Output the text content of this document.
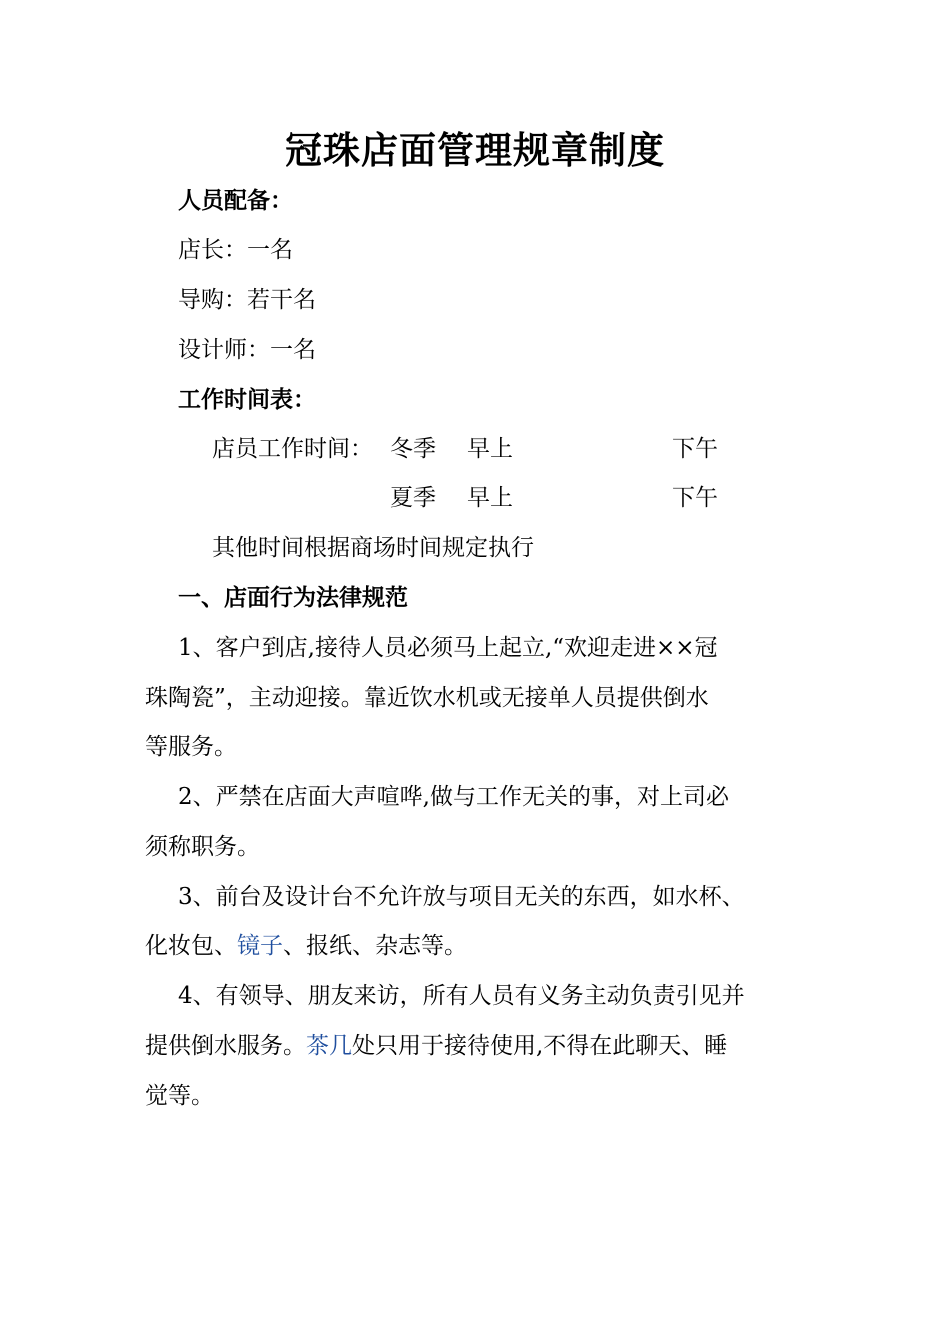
冠珠店面管理规章制度
人员配备：
店长：一名
导购：若干名
设计师：一名
工作时间表：
店员工作时间： 冬季 早上	下午
夏季 早上	下午
其他时间根据商场时间规定执行
一、店面行为法律规范
1、客户到店,接待人员必须马上起立,“欢迎走进××冠
珠陶瓷”，主动迎接。靠近饮水机或无接单人员提供倒水
等服务。
2、严禁在店面大声喧哗,做与工作无关的事，对上司必
须称职务。
3、前台及设计台不允许放与项目无关的东西，如水杯、
化妆包、镜子、报纸、杂志等。
4、有领导、朋友来访，所有人员有义务主动负责引见并
提供倒水服务。茶几处只用于接待使用,不得在此聊天、睡
觉等。
